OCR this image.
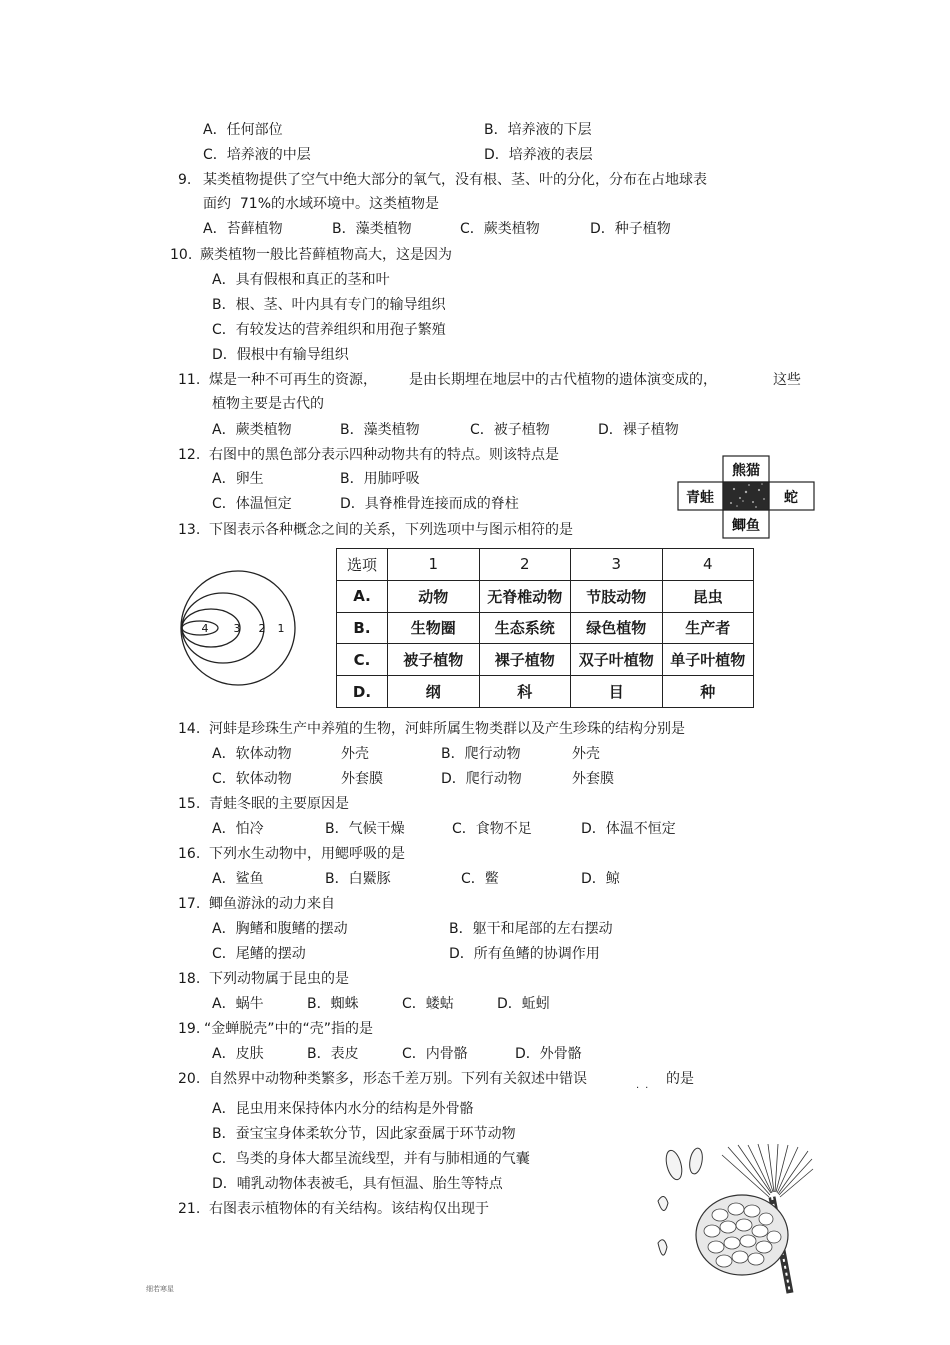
A．任何部位	B．培养液的下层
C．培养液的中层	D．培养液的表层
9. 某类植物提供了空气中绝大部分的氧气，没有根、茎、叶的分化，分布在占地球表
面约  71%的水域环境中。这类植物是
A．苔藓植物	B．藻类植物	C．蕨类植物	D．种子植物
10. 蕨类植物一般比苔藓植物高大，这是因为
A．具有假根和真正的茎和叶
B．根、茎、叶内具有专门的输导组织
C．有较发达的营养组织和用孢子繁殖
D．假根中有输导组织
11. 煤是一种不可再生的资源， 是由长期埋在地层中的古代植物的遗体演变成的，	这些
植物主要是古代的
A．蕨类植物	B．藻类植物	C．被子植物	D．裸子植物
12. 右图中的黑色部分表示四种动物共有的特点。则该特点是
A．卵生	B．用肺呼吸
C．体温恒定	D．具脊椎骨连接而成的脊柱
熊猫
青蛙	蛇
鲫鱼
13. 下图表示各种概念之间的关系，下列选项中与图示相符的是
4 3 2 1
选项	1	2	3	4
A.	动物	无脊椎动物	节肢动物	昆虫
B.	生物圈	生态系统	绿色植物	生产者
C.	被子植物	裸子植物	双子叶植物	单子叶植物
D.	纲	科	目	种
14. 河蚌是珍珠生产中养殖的生物，河蚌所属生物类群以及产生珍珠的结构分别是
A．软体动物	外壳	B．爬行动物	外壳
C．软体动物	外套膜	D．爬行动物	外套膜
15. 青蛙冬眠的主要原因是
A．怕冷	B．气候干燥	C．食物不足	D．体温不恒定
16. 下列水生动物中，用鳃呼吸的是
A．鲨鱼	B．白鱀豚	C．鳖	D．鲸
17. 鲫鱼游泳的动力来自
A．胸鳍和腹鳍的摆动	B．躯干和尾部的左右摆动
C．尾鳍的摆动	D．所有鱼鳍的协调作用
18. 下列动物属于昆虫的是
A．蜗牛	B．蜘蛛	C．蝼蛄	D．蚯蚓
19. “金蝉脱壳”中的“壳”指的是
A．皮肤	B．表皮	C．内骨骼	D．外骨骼
20. 自然界中动物种类繁多，形态千差万别。下列有关叙述中错误	.. 的是
A．昆虫用来保持体内水分的结构是外骨骼
B．蚕宝宝身体柔软分节，因此家蚕属于环节动物
C．鸟类的身体大都呈流线型，并有与肺相通的气囊
D．哺乳动物体表被毛，具有恒温、胎生等特点
21. 右图表示植物体的有关结构。该结构仅出现于
细若寒星
